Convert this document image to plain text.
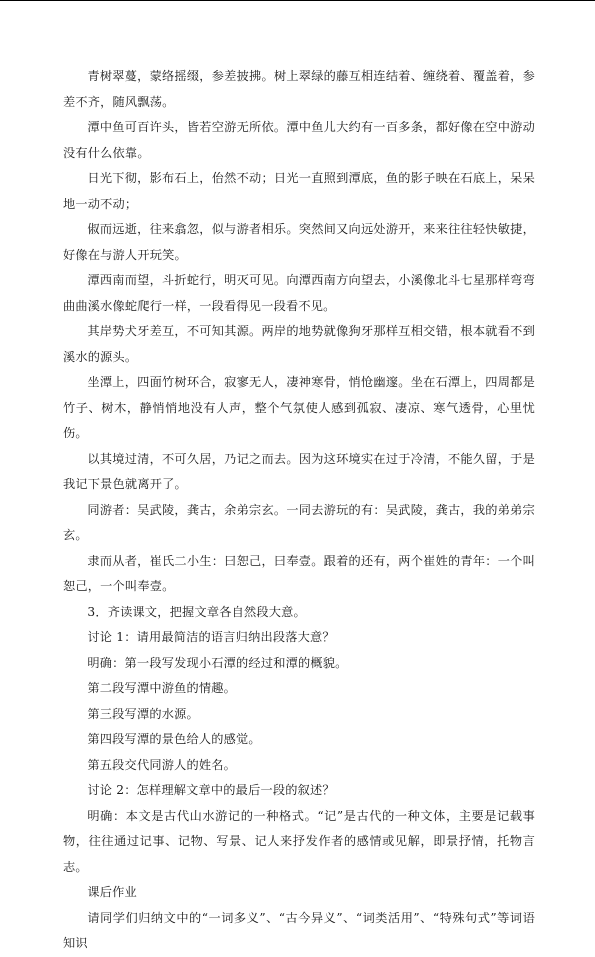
青树翠蔓，蒙络摇缀，参差披拂。树上翠绿的藤互相连结着、缠绕着、覆盖着，参差不齐，随风飘荡。

潭中鱼可百许头，皆若空游无所依。潭中鱼儿大约有一百多条，都好像在空中游动没有什么依靠。

日光下彻，影布石上，佁然不动；日光一直照到潭底，鱼的影子映在石底上，呆呆地一动不动；

俶而远逝，往来翕忽，似与游者相乐。突然间又向远处游开，来来往往轻快敏捷，好像在与游人开玩笑。

潭西南而望，斗折蛇行，明灭可见。向潭西南方向望去，小溪像北斗七星那样弯弯曲曲溪水像蛇爬行一样，一段看得见一段看不见。

其岸势犬牙差互，不可知其源。两岸的地势就像狗牙那样互相交错，根本就看不到溪水的源头。

坐潭上，四面竹树环合，寂寥无人，凄神寒骨，悄怆幽邃。坐在石潭上，四周都是竹子、树木，静悄悄地没有人声，整个气氛使人感到孤寂、凄凉、寒气透骨，心里忧伤。

以其境过清，不可久居，乃记之而去。因为这环境实在过于冷清，不能久留，于是我记下景色就离开了。

同游者：吴武陵，龚古，余弟宗玄。一同去游玩的有：吴武陵，龚古，我的弟弟宗玄。

隶而从者，崔氏二小生：曰恕己，曰奉壹。跟着的还有，两个崔姓的青年：一个叫恕己，一个叫奉壹。

3．齐读课文，把握文章各自然段大意。

讨论 1：请用最简洁的语言归纳出段落大意？

明确：第一段写发现小石潭的经过和潭的概貌。

第二段写潭中游鱼的情趣。

第三段写潭的水源。

第四段写潭的景色给人的感觉。

第五段交代同游人的姓名。

讨论 2：怎样理解文章中的最后一段的叙述？

明确：本文是古代山水游记的一种格式。“记”是古代的一种文体，主要是记载事物，往往通过记事、记物、写景、记人来抒发作者的感情或见解，即景抒情，托物言志。

课后作业

请同学们归纳文中的“一词多义”、“古今异义”、“词类活用”、“特殊句式”等词语知识
